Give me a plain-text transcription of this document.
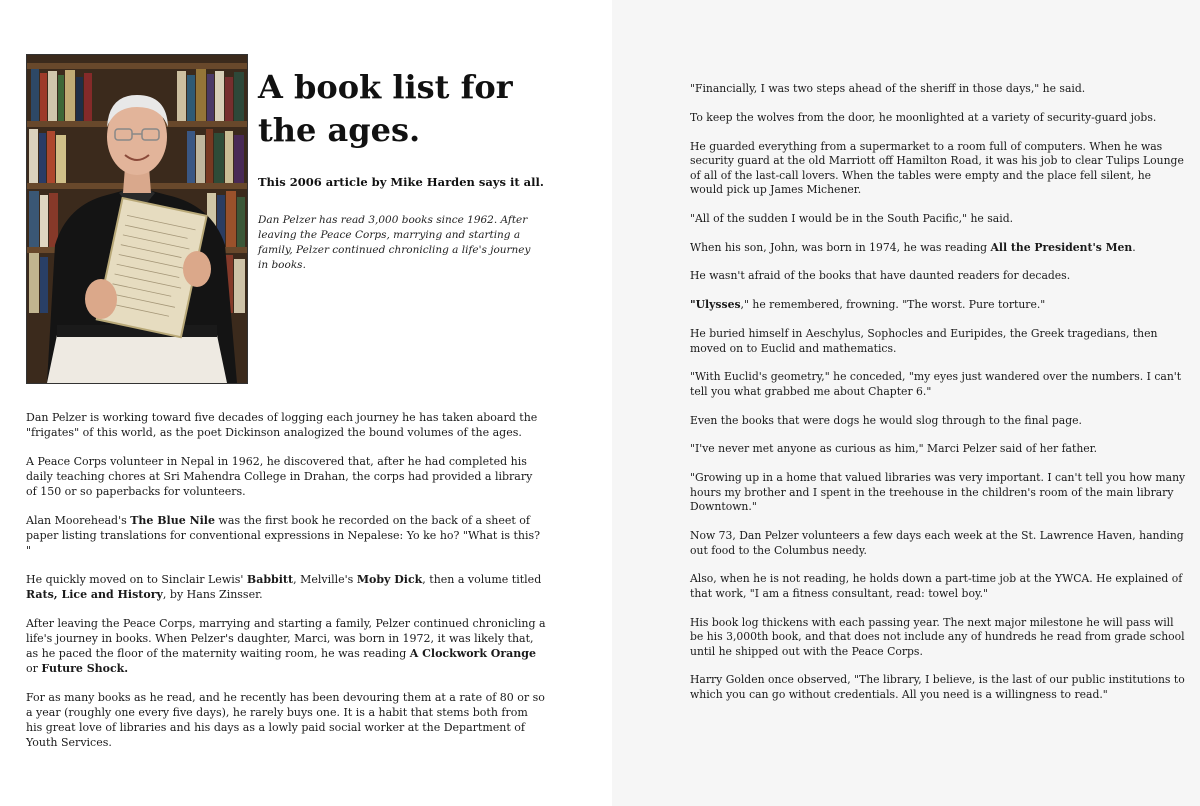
A book list for
the ages.

This 2006 article by Mike Harden says it all.

Dan Pelzer has read 3,000 books since 1962. After leaving the Peace Corps, marrying and starting a family, Pelzer continued chronicling a life's journey in books.

Dan Pelzer is working toward five decades of logging each journey he has taken aboard the "frigates" of this world, as the poet Dickinson analogized the bound volumes of the ages.

A Peace Corps volunteer in Nepal in 1962, he discovered that, after he had completed his daily teaching chores at Sri Mahendra College in Drahan, the corps had provided a library of 150 or so paperbacks for volunteers.

Alan Moorehead's The Blue Nile was the first book he recorded on the back of a sheet of paper listing translations for conventional expressions in Nepalese: Yo ke ho? "What is this? "

He quickly moved on to Sinclair Lewis' Babbitt, Melville's Moby Dick, then a volume titled Rats, Lice and History, by Hans Zinsser.

After leaving the Peace Corps, marrying and starting a family, Pelzer continued chronicling a life's journey in books. When Pelzer's daughter, Marci, was born in 1972, it was likely that, as he paced the floor of the maternity waiting room, he was reading A Clockwork Orange or Future Shock.

For as many books as he read, and he recently has been devouring them at a rate of 80 or so a year (roughly one every five days), he rarely buys one. It is a habit that stems both from his great love of libraries and his days as a lowly paid social worker at the Department of Youth Services.

"Financially, I was two steps ahead of the sheriff in those days," he said.

To keep the wolves from the door, he moonlighted at a variety of security-guard jobs.

He guarded everything from a supermarket to a room full of computers. When he was security guard at the old Marriott off Hamilton Road, it was his job to clear Tulips Lounge of all of the last-call lovers. When the tables were empty and the place fell silent, he would pick up James Michener.

"All of the sudden I would be in the South Pacific," he said.

When his son, John, was born in 1974, he was reading All the President's Men.

He wasn't afraid of the books that have daunted readers for decades.

"Ulysses," he remembered, frowning. "The worst. Pure torture."

He buried himself in Aeschylus, Sophocles and Euripides, the Greek tragedians, then moved on to Euclid and mathematics.

"With Euclid's geometry," he conceded, "my eyes just wandered over the numbers. I can't tell you what grabbed me about Chapter 6."

Even the books that were dogs he would slog through to the final page.

"I've never met anyone as curious as him," Marci Pelzer said of her father.

"Growing up in a home that valued libraries was very important. I can't tell you how many hours my brother and I spent in the treehouse in the children's room of the main library Downtown."

Now 73, Dan Pelzer volunteers a few days each week at the St. Lawrence Haven, handing out food to the Columbus needy.

Also, when he is not reading, he holds down a part-time job at the YWCA. He explained of that work, "I am a fitness consultant, read: towel boy."

His book log thickens with each passing year. The next major milestone he will pass will be his 3,000th book, and that does not include any of hundreds he read from grade school until he shipped out with the Peace Corps.

Harry Golden once observed, "The library, I believe, is the last of our public institutions to which you can go without credentials. All you need is a willingness to read."
